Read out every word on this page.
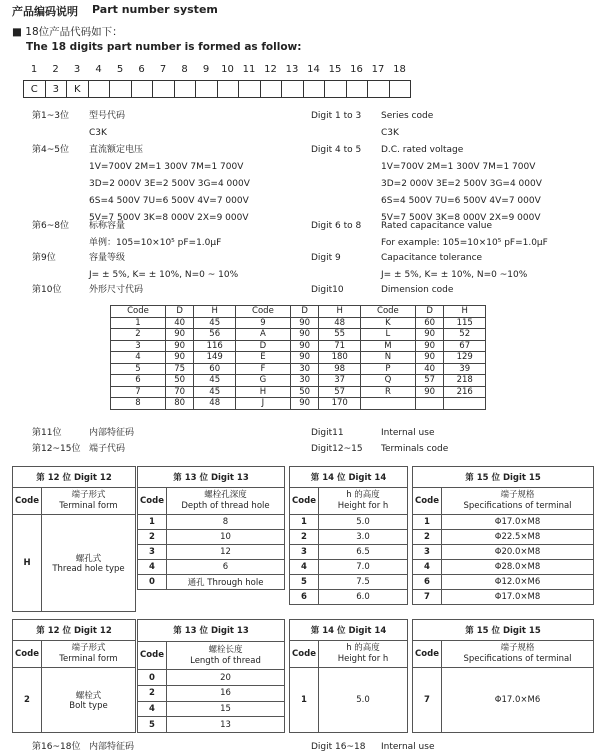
产品编码说明 Part number system
■ 18位产品代码如下：
The 18 digits part number is formed as follow:
1	2	3	4	5	6	7	8	9	10 11 12 13 14 15 16 17 18
C	3	K
第1~3位	型号代码
C3K
Digit 1 to 3 Series code
C3K
第4~5位 直流额定电压
1V=700V 2M=1 300V 7M=1 700V
3D=2 000V 3E=2 500V 3G=4 000V
6S=4 500V 7U=6 500V 4V=7 000V
5V=7 500V 3K=8 000V 2X=9 000V
Digit 4 to 5 D.C. rated voltage
1V=700V 2M=1 300V 7M=1 700V
3D=2 000V 3E=2 500V 3G=4 000V
6S=4 500V 7U=6 500V 4V=7 000V
5V=7 500V 3K=8 000V 2X=9 000V
第6~8位 标称容量
单例：105=10×10⁵ pF=1.0μF
Digit 6 to 8 Rated capacitance value
For example: 105=10×10⁵ pF=1.0μF
第9位	容量等级
J= ± 5%, K= ± 10%, N=0 ~ 10%
Digit 9	Capacitance tolerance
J= ± 5%, K= ± 10%, N=0 ~10%
第10位	外形尺寸代码	Digit10	Dimension code
Code	D	H	Code	D	H	Code	D	H
1	40	45	9	90	48	K	60	115
2	90	56	A	90	55	L	90	52
3	90	116	D	90	71	M	90	67
4	90	149	E	90	180	N	90	129
5	75	60	F	30	98	P	40	39
6	50	45	G	30	37	Q	57	218
7	70	45	H	50	57	R	90	216
8	80	48	J	90	170			
第11位	内部特征码	Digit11	Internal use
第12~15位 端子代码	Digit12~15 Terminals code
第 12 位 Digit 12	
Code	端子形式
Terminal form

H	螺孔式
Thread hole type
第 13 位 Digit 13	
Code	螺栓孔深度
Depth of thread hole

1	8
2	10
3	12
4	6
0	通孔 Through hole
第 14 位 Digit 14	
Code	h 的高度
Height for h

1	5.0
2	3.0
3	6.5
4	7.0
5	7.5
6	6.0
第 15 位 Digit 15	
Code	端子规格
Specifications of terminal

1	Φ17.0×M8
2	Φ22.5×M8
3	Φ20.0×M8
4	Φ28.0×M8
6	Φ12.0×M6
7	Φ17.0×M8
第 12 位 Digit 12	
Code	端子形式
Terminal form

2	螺栓式
Bolt type
第 13 位 Digit 13	
Code	螺栓长度
Length of thread

0	20
2	16
4	15
5	13
第 14 位 Digit 14	
Code	h 的高度
Height for h

1	5.0
第 15 位 Digit 15	
Code	端子规格
Specifications of terminal

7	Φ17.0×M6
第16~18位 内部特征码	Digit 16~18 Internal use
